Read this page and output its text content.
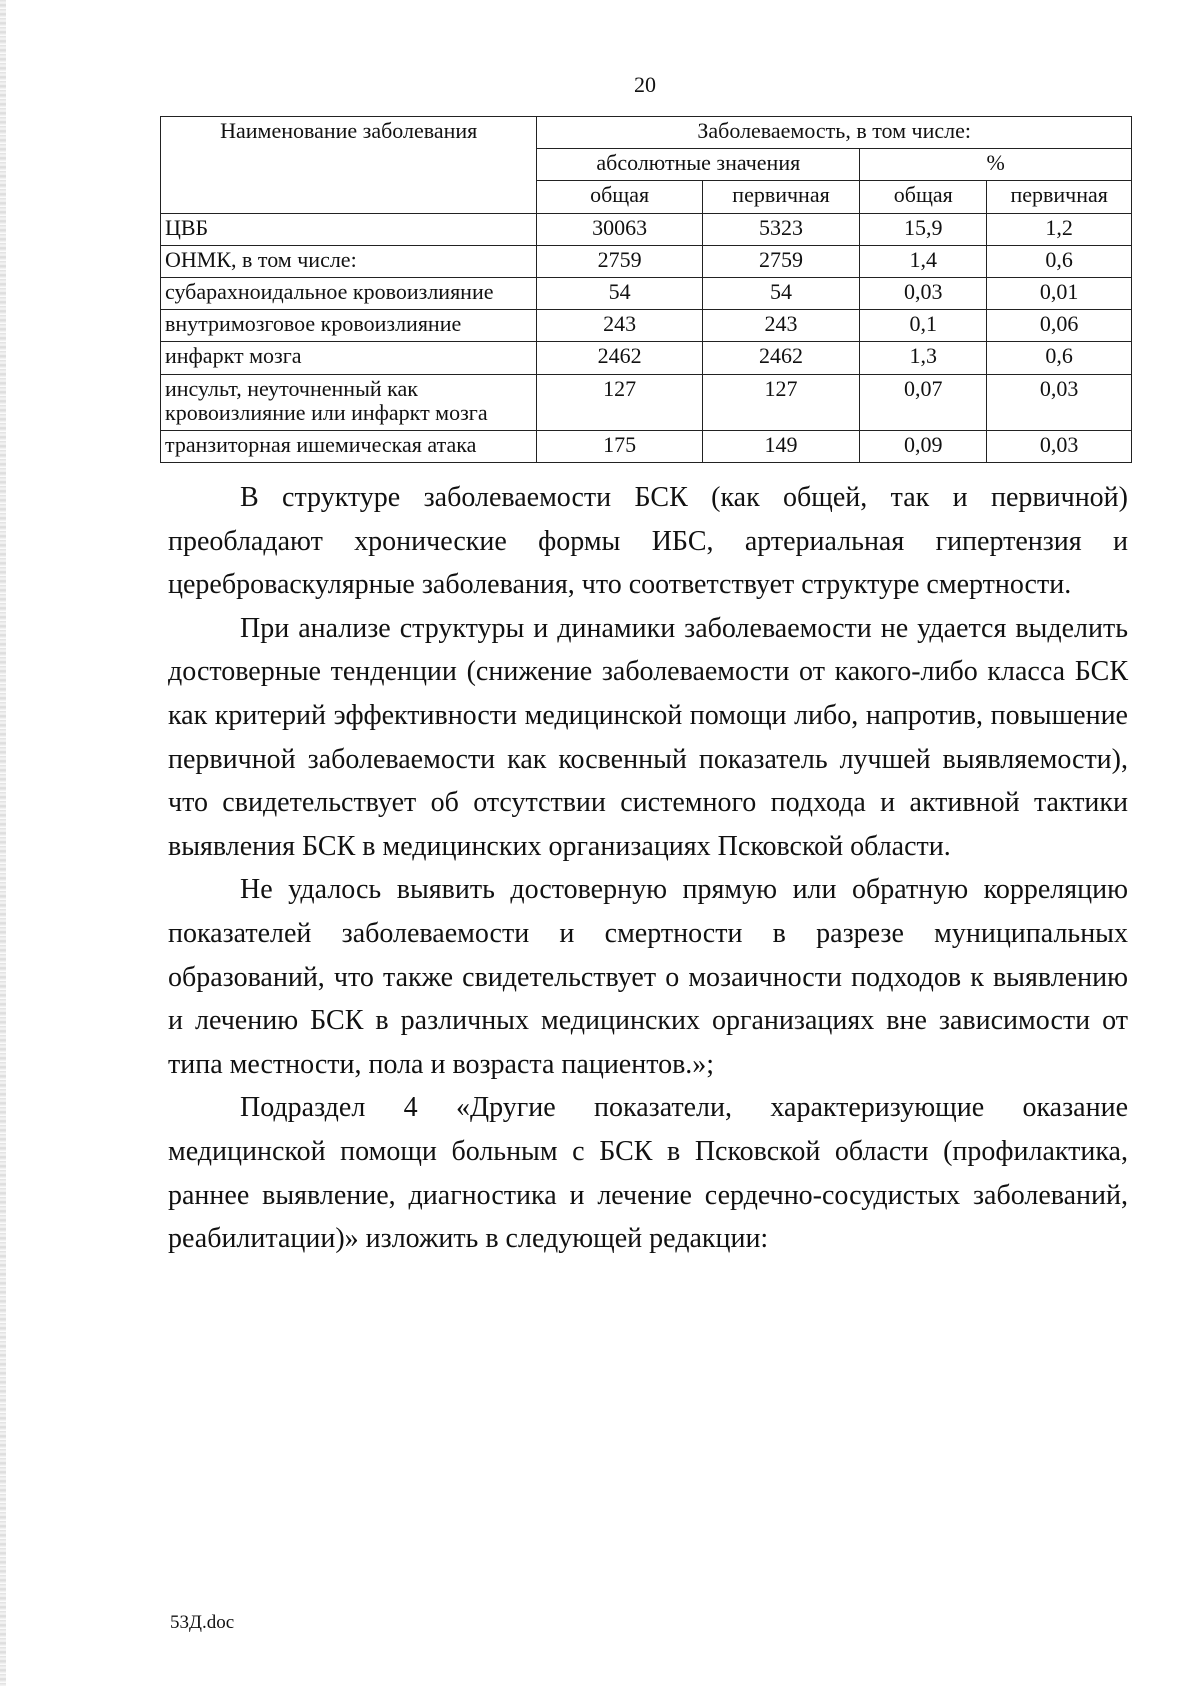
20
Наименование заболевания	Заболеваемость, в том числе:			
	абсолютные значения		%	
	общая	первичная	общая	первичная
ЦВБ	30063	5323	15,9	1,2
ОНМК, в том числе:	2759	2759	1,4	0,6
субарахноидальное кровоизлияние	54	54	0,03	0,01
внутримозговое кровоизлияние	243	243	0,1	0,06
инфаркт мозга	2462	2462	1,3	0,6
инсульт, неуточненный как кровоизлияние или инфаркт мозга	127	127	0,07	0,03
транзиторная ишемическая атака	175	149	0,09	0,03

В структуре заболеваемости БСК (как общей, так и первичной) преобладают хронические формы ИБС, артериальная гипертензия и цереброваскулярные заболевания, что соответствует структуре смертности.

При анализе структуры и динамики заболеваемости не удается выделить достоверные тенденции (снижение заболеваемости от какого-либо класса БСК как критерий эффективности медицинской помощи либо, напротив, повышение первичной заболеваемости как косвенный показатель лучшей выявляемости), что свидетельствует об отсутствии системного подхода и активной тактики выявления БСК в медицинских организациях Псковской области.

Не удалось выявить достоверную прямую или обратную корреляцию показателей заболеваемости и смертности в разрезе муниципальных образований, что также свидетельствует о мозаичности подходов к выявлению и лечению БСК в различных медицинских организациях вне зависимости от типа местности, пола и возраста пациентов.»;

Подраздел 4 «Другие показатели, характеризующие оказание медицинской помощи больным с БСК в Псковской области (профилактика, раннее выявление, диагностика и лечение сердечно-сосудистых заболеваний, реабилитации)» изложить в следующей редакции:

53Д.doc
